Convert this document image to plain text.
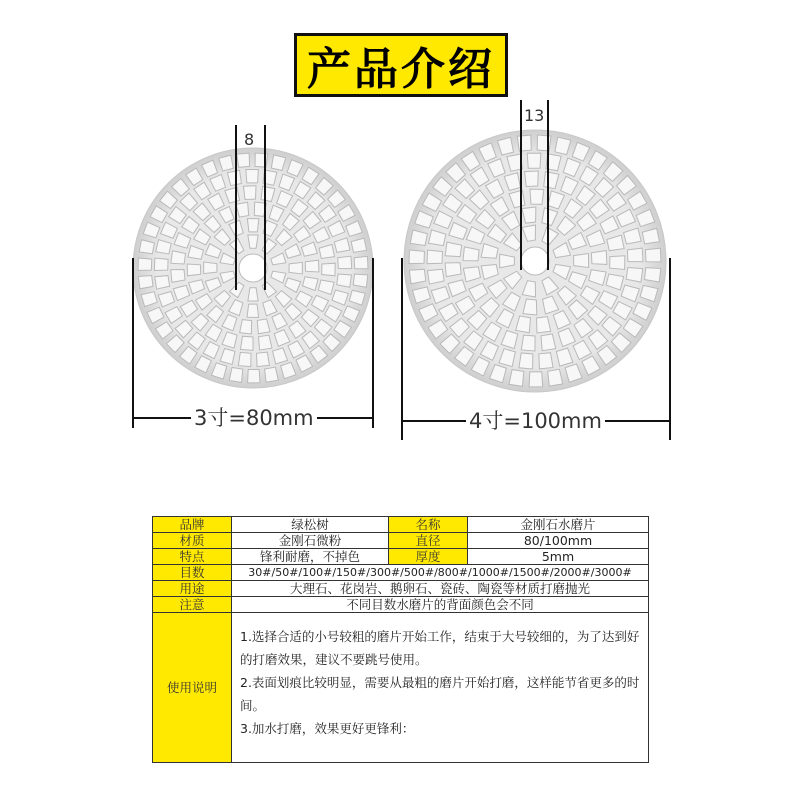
产品介绍
8
13
3寸=80mm	4寸=100mm
品牌	绿松树	名称	金刚石水磨片
材质	金刚石微粉	直径	80/100mm
特点	锋利耐磨，不掉色	厚度	5mm
目数	30#/50#/100#/150#/300#/500#/800#/1000#/1500#/2000#/3000#		
用途	大理石、花岗岩、鹅卵石、瓷砖、陶瓷等材质打磨抛光		
注意	不同目数水磨片的背面颜色会不同		
使用说明	1.选择合适的小号较粗的磨片开始工作，结束于大号较细的，为了达到好的打磨效果，建议不要跳号使用。

2.表面划痕比较明显，需要从最粗的磨片开始打磨，这样能节省更多的时间。

3.加水打磨，效果更好更锋利：		
